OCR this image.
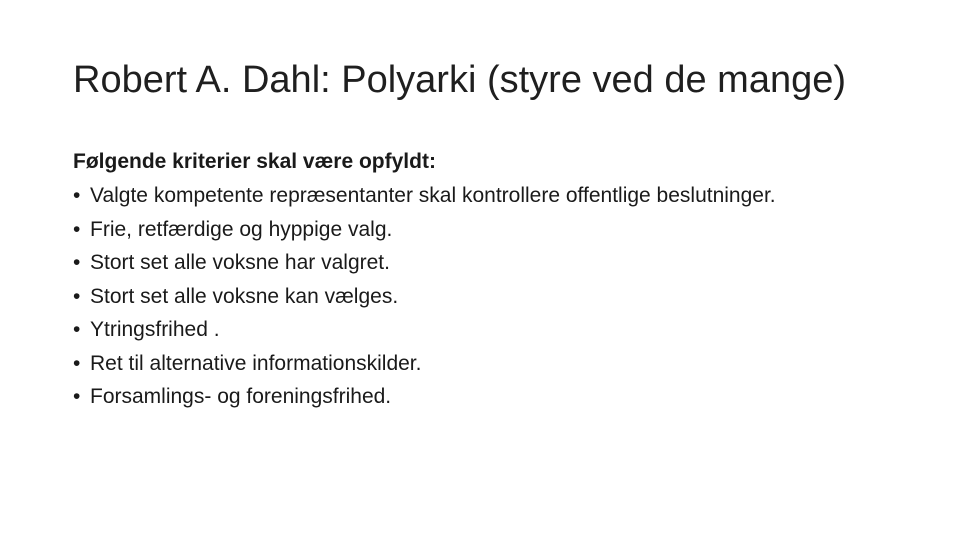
Robert A. Dahl: Polyarki (styre ved de mange)

Følgende kriterier skal være opfyldt:

• Valgte kompetente repræsentanter skal kontrollere offentlige beslutninger.
• Frie, retfærdige og hyppige valg.
• Stort set alle voksne har valgret.
• Stort set alle voksne kan vælges.
• Ytringsfrihed .
• Ret til alternative informationskilder.
• Forsamlings- og foreningsfrihed.
